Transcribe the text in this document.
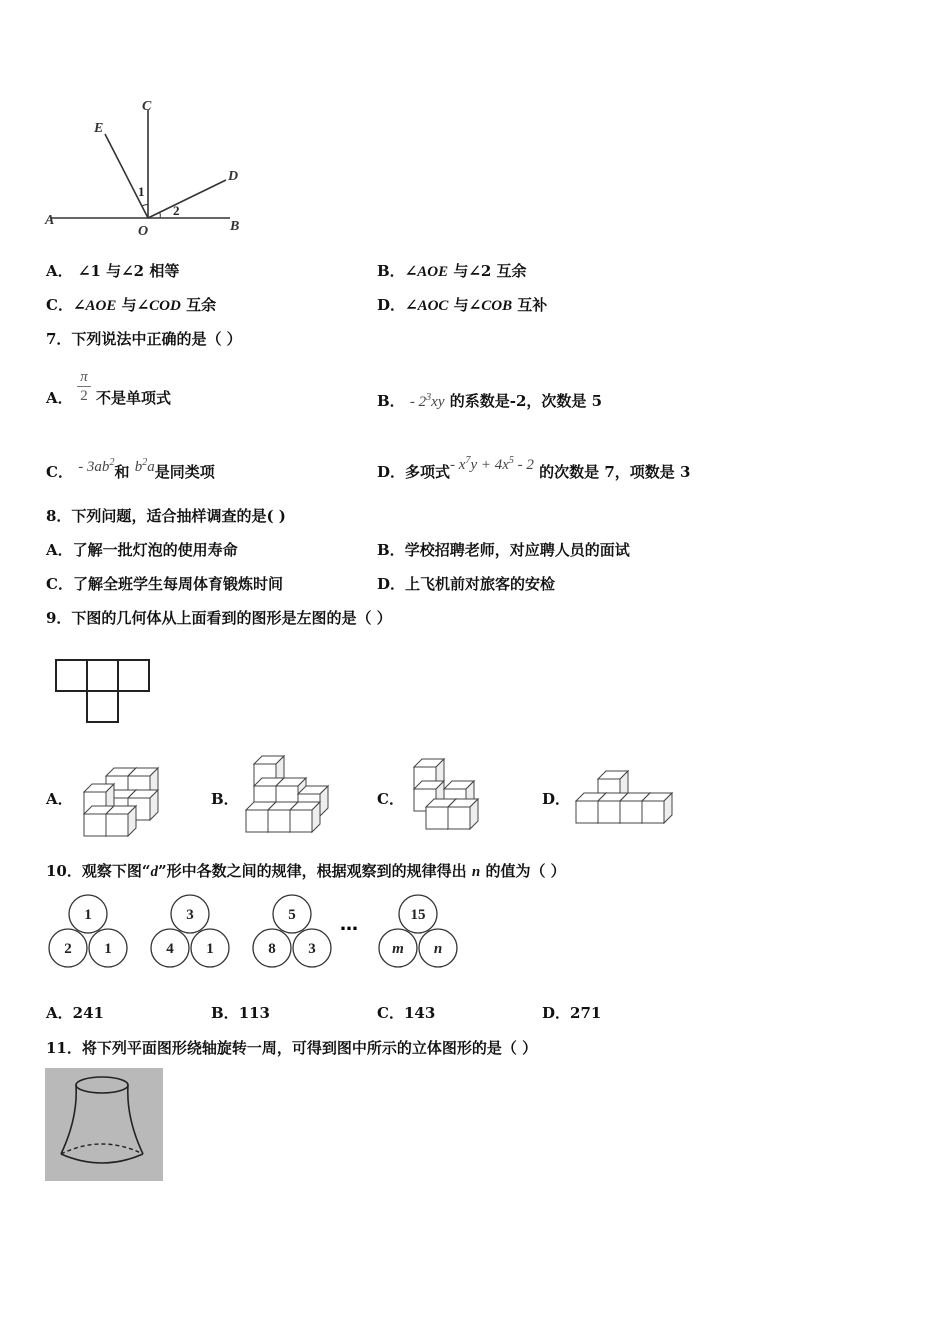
C
E
D
A
O	B
1
2
A． ∠1 与∠2 相等	B．∠AOE 与∠2 互余
C．∠AOE 与∠COD 互余	D．∠AOC 与∠COB 互补
7．下列说法中正确的是（ ）
A．
π
2 不是单项式	B． - $2^3xy$ 的系数是-2，次数是 5
C． - $3ab^2$和 $b^2a$是同类项	D．多项式- $x^7y + 4x^5 - 2$ 的次数是 7，项数是 3
8．下列问题，适合抽样调查的是( )
A．了解一批灯泡的使用寿命	B．学校招聘老师，对应聘人员的面试
C．了解全班学生每周体育锻炼时间	D．上飞机前对旅客的安检
9．下图的几何体从上面看到的图形是左图的是（ ）
A．	B．	C．	D．
10．观察下图“d”形中各数之间的规律，根据观察到的规律得出 n 的值为（ ）
1
2 1
3
4 1
5
8 3
15
m n
…
A．241	B．113	C．143	D．271
11．将下列平面图形绕轴旋转一周，可得到图中所示的立体图形的是（ ）
